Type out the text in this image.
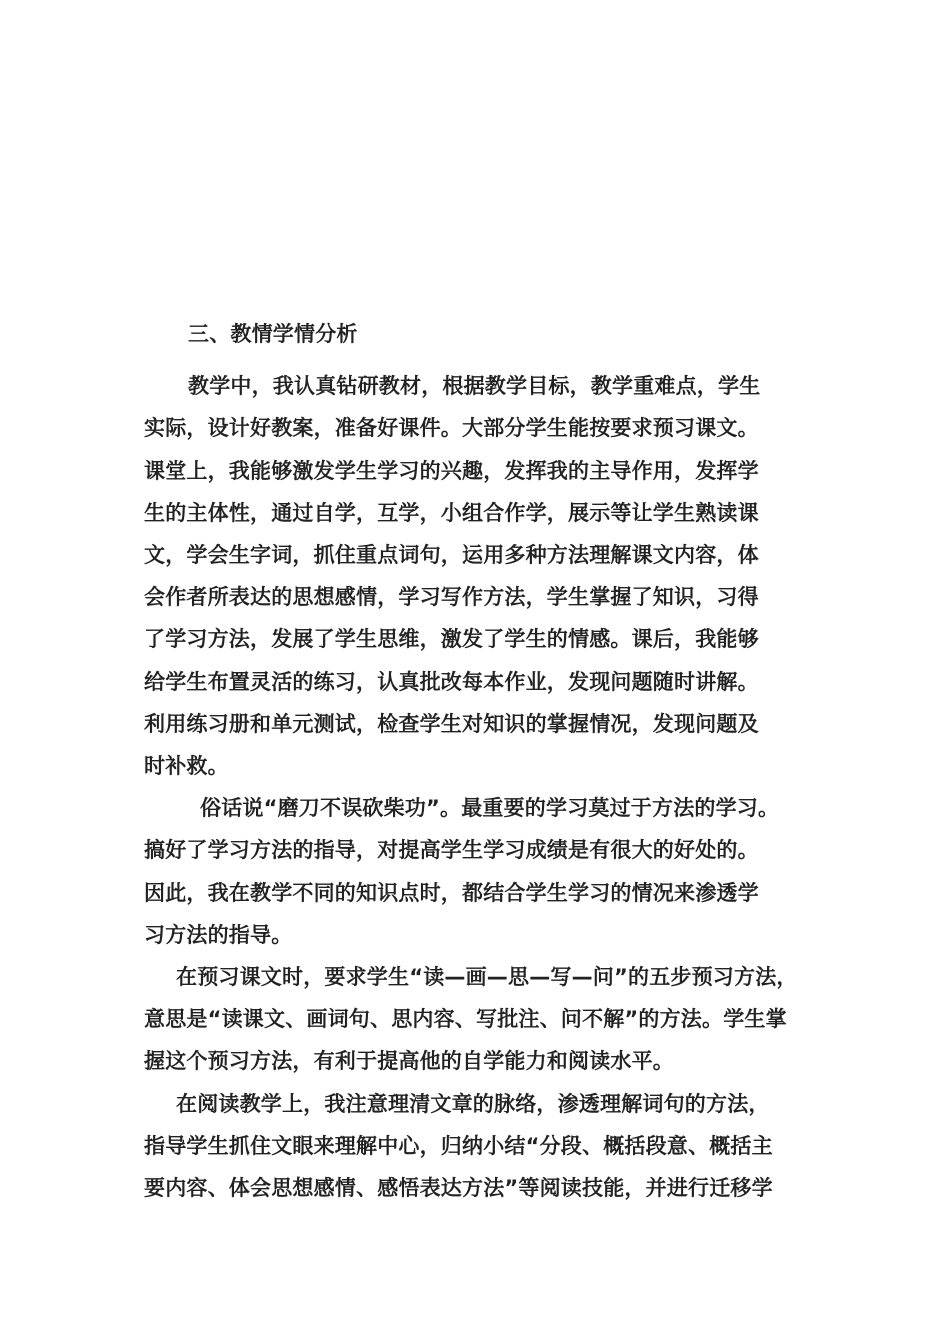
三、教情学情分析
教学中，我认真钻研教材，根据教学目标，教学重难点，学生
实际，设计好教案，准备好课件。大部分学生能按要求预习课文。
课堂上，我能够激发学生学习的兴趣，发挥我的主导作用，发挥学
生的主体性，通过自学，互学，小组合作学，展示等让学生熟读课
文，学会生字词，抓住重点词句，运用多种方法理解课文内容，体
会作者所表达的思想感情，学习写作方法，学生掌握了知识，习得
了学习方法，发展了学生思维，激发了学生的情感。课后，我能够
给学生布置灵活的练习，认真批改每本作业，发现问题随时讲解。
利用练习册和单元测试，检查学生对知识的掌握情况，发现问题及
时补救。
俗话说“磨刀不误砍柴功”。最重要的学习莫过于方法的学习。
搞好了学习方法的指导，对提高学生学习成绩是有很大的好处的。
因此，我在教学不同的知识点时，都结合学生学习的情况来渗透学
习方法的指导。
在预习课文时，要求学生“读—画—思—写—问”的五步预习方法，
意思是“读课文、画词句、思内容、写批注、问不解”的方法。学生掌
握这个预习方法，有利于提高他的自学能力和阅读水平。
在阅读教学上，我注意理清文章的脉络，渗透理解词句的方法，
指导学生抓住文眼来理解中心，归纳小结“分段、概括段意、概括主
要内容、体会思想感情、感悟表达方法”等阅读技能，并进行迁移学
